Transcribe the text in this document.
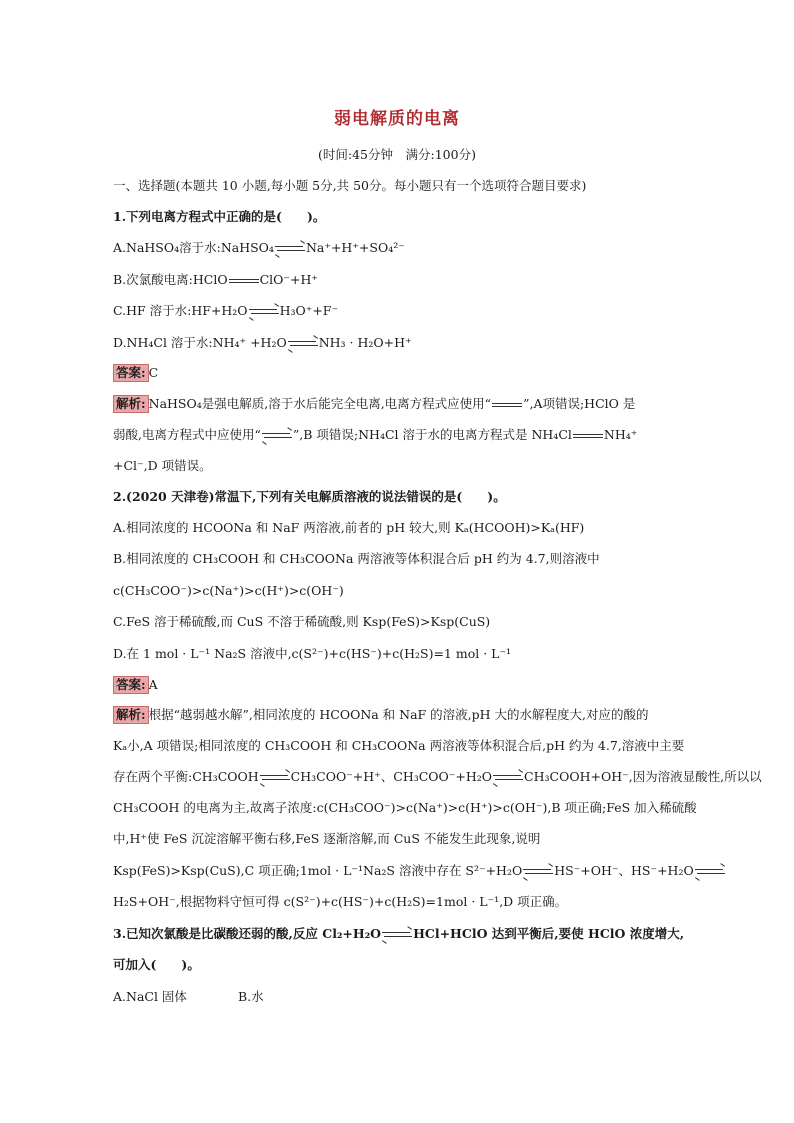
弱电解质的电离
(时间:45分钟　满分:100分)
一、选择题(本题共 10 小题,每小题 5分,共 50分。每小题只有一个选项符合题目要求)
1.下列电离方程式中正确的是(　　)。
A.NaHSO₄溶于水:NaHSO₄→Na⁺+H⁺+SO₄²⁻
B.次氯酸电离:HClO	ClO⁻+H⁺
C.HF 溶于水:HF+H₂O→H₃O⁺+F⁻
D.NH₄Cl 溶于水:NH₄⁺ +H₂O→NH₃ · H₂O+H⁺
答案: C
解析: NaHSO₄是强电解质,溶于水后能完全电离,电离方程式应使用“	”,A项错误;HClO 是
弱酸,电离方程式中应使用“→”,B 项错误;NH₄Cl 溶于水的电离方程式是 NH₄Cl	NH₄⁺
+Cl⁻,D 项错误。
2.(2020 天津卷)常温下,下列有关电解质溶液的说法错误的是(　　)。
A.相同浓度的 HCOONa 和 NaF 两溶液,前者的 pH 较大,则 Kₐ(HCOOH)>Kₐ(HF)
B.相同浓度的 CH₃COOH 和 CH₃COONa 两溶液等体积混合后 pH 约为 4.7,则溶液中
c(CH₃COO⁻)>c(Na⁺)>c(H⁺)>c(OH⁻)
C.FeS 溶于稀硫酸,而 CuS 不溶于稀硫酸,则 Ksp(FeS)>Ksp(CuS)
D.在 1 mol · L⁻¹ Na₂S 溶液中,c(S²⁻)+c(HS⁻)+c(H₂S)=1 mol · L⁻¹
答案: A
解析: 根据“越弱越水解”,相同浓度的 HCOONa 和 NaF 的溶液,pH 大的水解程度大,对应的酸的
Kₐ小,A 项错误;相同浓度的 CH₃COOH 和 CH₃COONa 两溶液等体积混合后,pH 约为 4.7,溶液中主要
存在两个平衡:CH₃COOH→CH₃COO⁻+H⁺、CH₃COO⁻+H₂O→CH₃COOH+OH⁻,因为溶液显酸性,所以以
CH₃COOH 的电离为主,故离子浓度:c(CH₃COO⁻)>c(Na⁺)>c(H⁺)>c(OH⁻),B 项正确;FeS 加入稀硫酸
中,H⁺使 FeS 沉淀溶解平衡右移,FeS 逐渐溶解,而 CuS 不能发生此现象,说明
Ksp(FeS)>Ksp(CuS),C 项正确;1mol · L⁻¹Na₂S 溶液中存在 S²⁻+H₂O→HS⁻+OH⁻、HS⁻+H₂O→
H₂S+OH⁻,根据物料守恒可得 c(S²⁻)+c(HS⁻)+c(H₂S)=1mol · L⁻¹,D 项正确。
3.已知次氯酸是比碳酸还弱的酸,反应 Cl₂+H₂O→HCl+HClO 达到平衡后,要使 HClO 浓度增大,
可加入(　　)。
A.NaCl 固体	B.水
